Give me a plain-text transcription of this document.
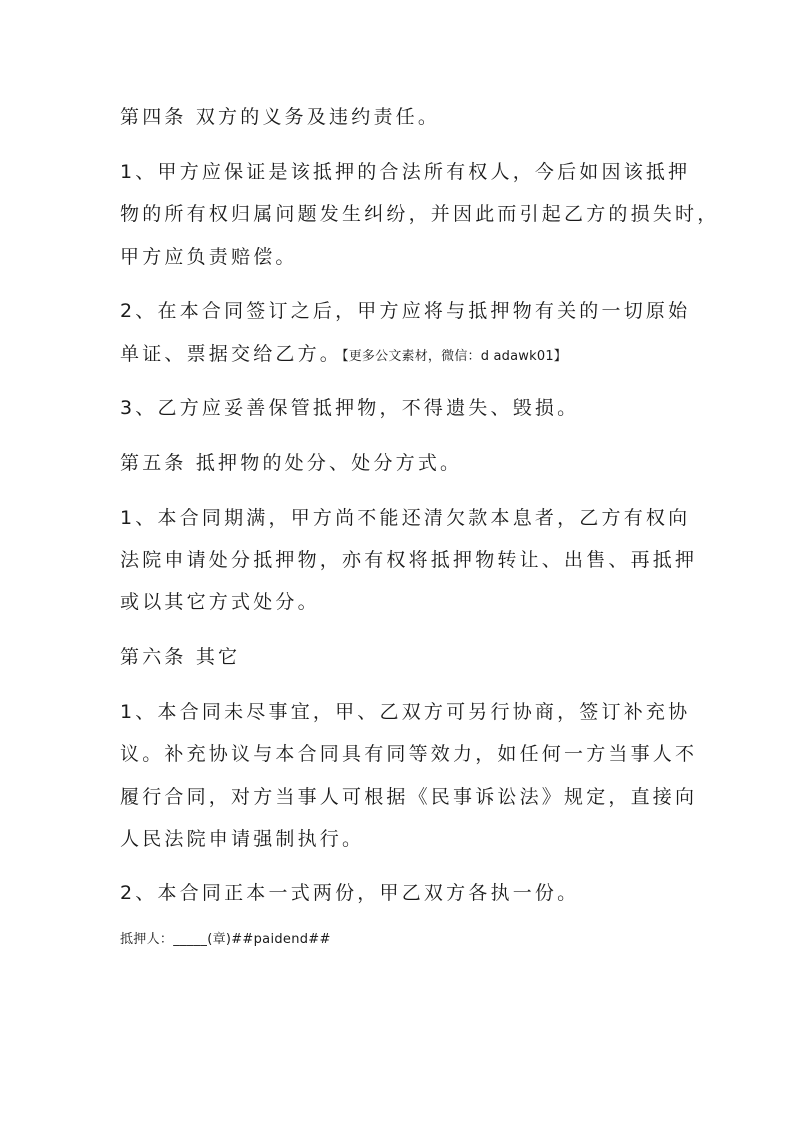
第四条 双方的义务及违约责任。
1、甲方应保证是该抵押的合法所有权人，今后如因该抵押
物的所有权归属问题发生纠纷，并因此而引起乙方的损失时，
甲方应负责赔偿。
2、在本合同签订之后，甲方应将与抵押物有关的一切原始
单证、票据交给乙方。【更多公文素材，微信：d adawk01】
3、乙方应妥善保管抵押物，不得遗失、毁损。
第五条 抵押物的处分、处分方式。
1、本合同期满，甲方尚不能还清欠款本息者，乙方有权向
法院申请处分抵押物，亦有权将抵押物转让、出售、再抵押
或以其它方式处分。
第六条 其它
1、本合同未尽事宜，甲、乙双方可另行协商，签订补充协
议。补充协议与本合同具有同等效力，如任何一方当事人不
履行合同，对方当事人可根据《民事诉讼法》规定，直接向
人民法院申请强制执行。
2、本合同正本一式两份，甲乙双方各执一份。
抵押人：_____(章)##paidend##
